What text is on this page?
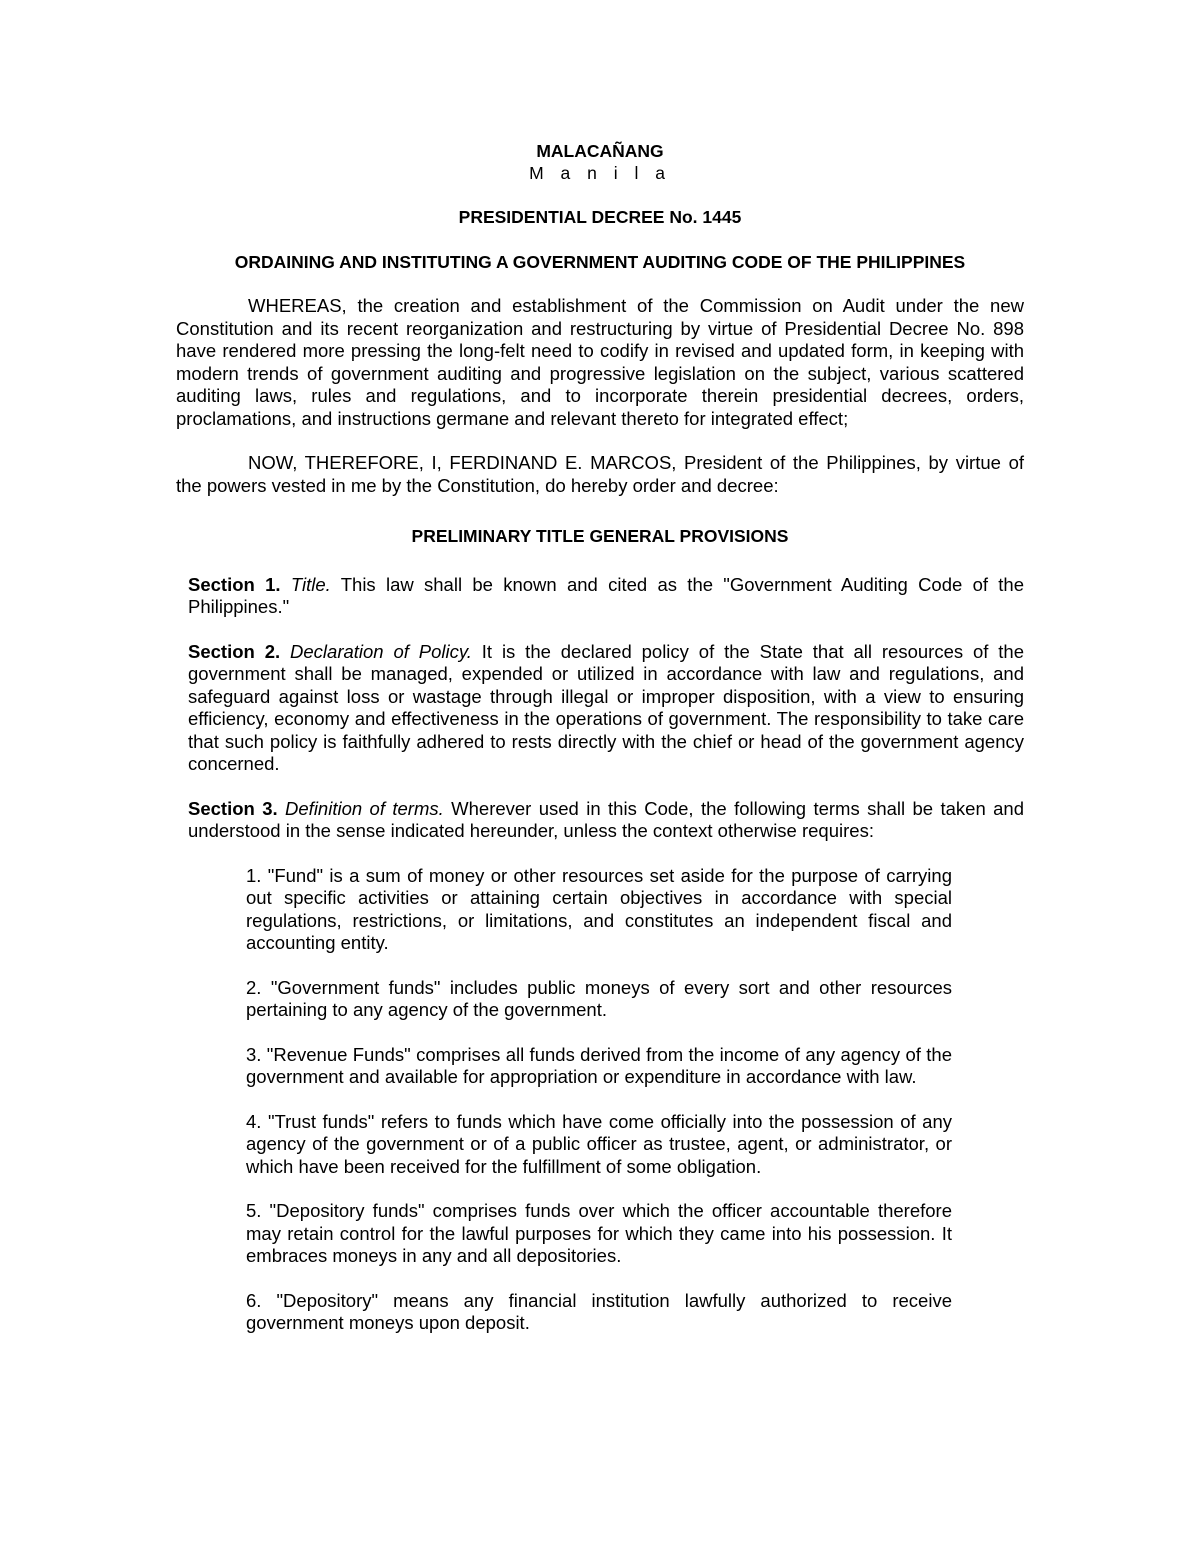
MALACAÑANG
M a n i l a
PRESIDENTIAL DECREE No. 1445
ORDAINING AND INSTITUTING A GOVERNMENT AUDITING CODE OF THE PHILIPPINES
WHEREAS, the creation and establishment of the Commission on Audit under the new Constitution and its recent reorganization and restructuring by virtue of Presidential Decree No. 898 have rendered more pressing the long-felt need to codify in revised and updated form, in keeping with modern trends of government auditing and progressive legislation on the subject, various scattered auditing laws, rules and regulations, and to incorporate therein presidential decrees, orders, proclamations, and instructions germane and relevant thereto for integrated effect;
NOW, THEREFORE, I, FERDINAND E. MARCOS, President of the Philippines, by virtue of the powers vested in me by the Constitution, do hereby order and decree:
PRELIMINARY TITLE GENERAL PROVISIONS
Section 1. Title. This law shall be known and cited as the "Government Auditing Code of the Philippines."
Section 2. Declaration of Policy. It is the declared policy of the State that all resources of the government shall be managed, expended or utilized in accordance with law and regulations, and safeguard against loss or wastage through illegal or improper disposition, with a view to ensuring efficiency, economy and effectiveness in the operations of government. The responsibility to take care that such policy is faithfully adhered to rests directly with the chief or head of the government agency concerned.
Section 3. Definition of terms. Wherever used in this Code, the following terms shall be taken and understood in the sense indicated hereunder, unless the context otherwise requires:
1. "Fund" is a sum of money or other resources set aside for the purpose of carrying out specific activities or attaining certain objectives in accordance with special regulations, restrictions, or limitations, and constitutes an independent fiscal and accounting entity.
2. "Government funds" includes public moneys of every sort and other resources pertaining to any agency of the government.
3. "Revenue Funds" comprises all funds derived from the income of any agency of the government and available for appropriation or expenditure in accordance with law.
4. "Trust funds" refers to funds which have come officially into the possession of any agency of the government or of a public officer as trustee, agent, or administrator, or which have been received for the fulfillment of some obligation.
5. "Depository funds" comprises funds over which the officer accountable therefore may retain control for the lawful purposes for which they came into his possession. It embraces moneys in any and all depositories.
6. "Depository" means any financial institution lawfully authorized to receive government moneys upon deposit.
